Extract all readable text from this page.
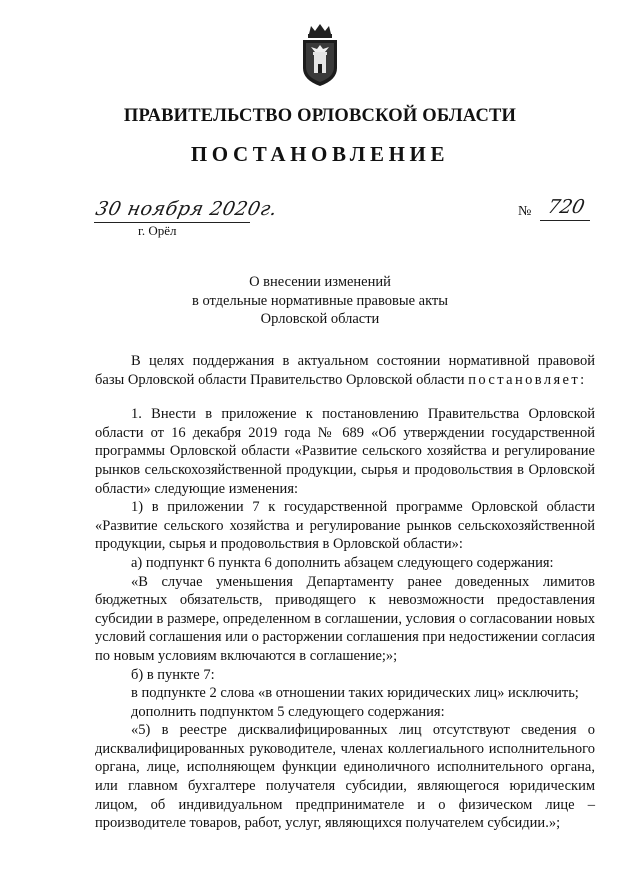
ПРАВИТЕЛЬСТВО ОРЛОВСКОЙ ОБЛАСТИ
ПОСТАНОВЛЕНИЕ
30 ноября 2020г.
г. Орёл
№ 720
О внесении изменений
в отдельные нормативные правовые акты
Орловской области

В целях поддержания в актуальном состоянии нормативной правовой базы Орловской области Правительство Орловской области постановляет:

1. Внести в приложение к постановлению Правительства Орловской области от 16 декабря 2019 года № 689 «Об утверждении государственной программы Орловской области «Развитие сельского хозяйства и регулирование рынков сельскохозяйственной продукции, сырья и продовольствия в Орловской области» следующие изменения:

1) в приложении 7 к государственной программе Орловской области «Развитие сельского хозяйства и регулирование рынков сельскохозяйственной продукции, сырья и продовольствия в Орловской области»:

а) подпункт 6 пункта 6 дополнить абзацем следующего содержания:

«В случае уменьшения Департаменту ранее доведенных лимитов бюджетных обязательств, приводящего к невозможности предоставления субсидии в размере, определенном в соглашении, условия о согласовании новых условий соглашения или о расторжении соглашения при недостижении согласия по новым условиям включаются в соглашение;»;

б) в пункте 7:

в подпункте 2 слова «в отношении таких юридических лиц» исключить;

дополнить подпунктом 5 следующего содержания:

«5) в реестре дисквалифицированных лиц отсутствуют сведения о дисквалифицированных руководителе, членах коллегиального исполнительного органа, лице, исполняющем функции единоличного исполнительного органа, или главном бухгалтере получателя субсидии, являющегося юридическим лицом, об индивидуальном предпринимателе и о физическом лице – производителе товаров, работ, услуг, являющихся получателем субсидии.»;
